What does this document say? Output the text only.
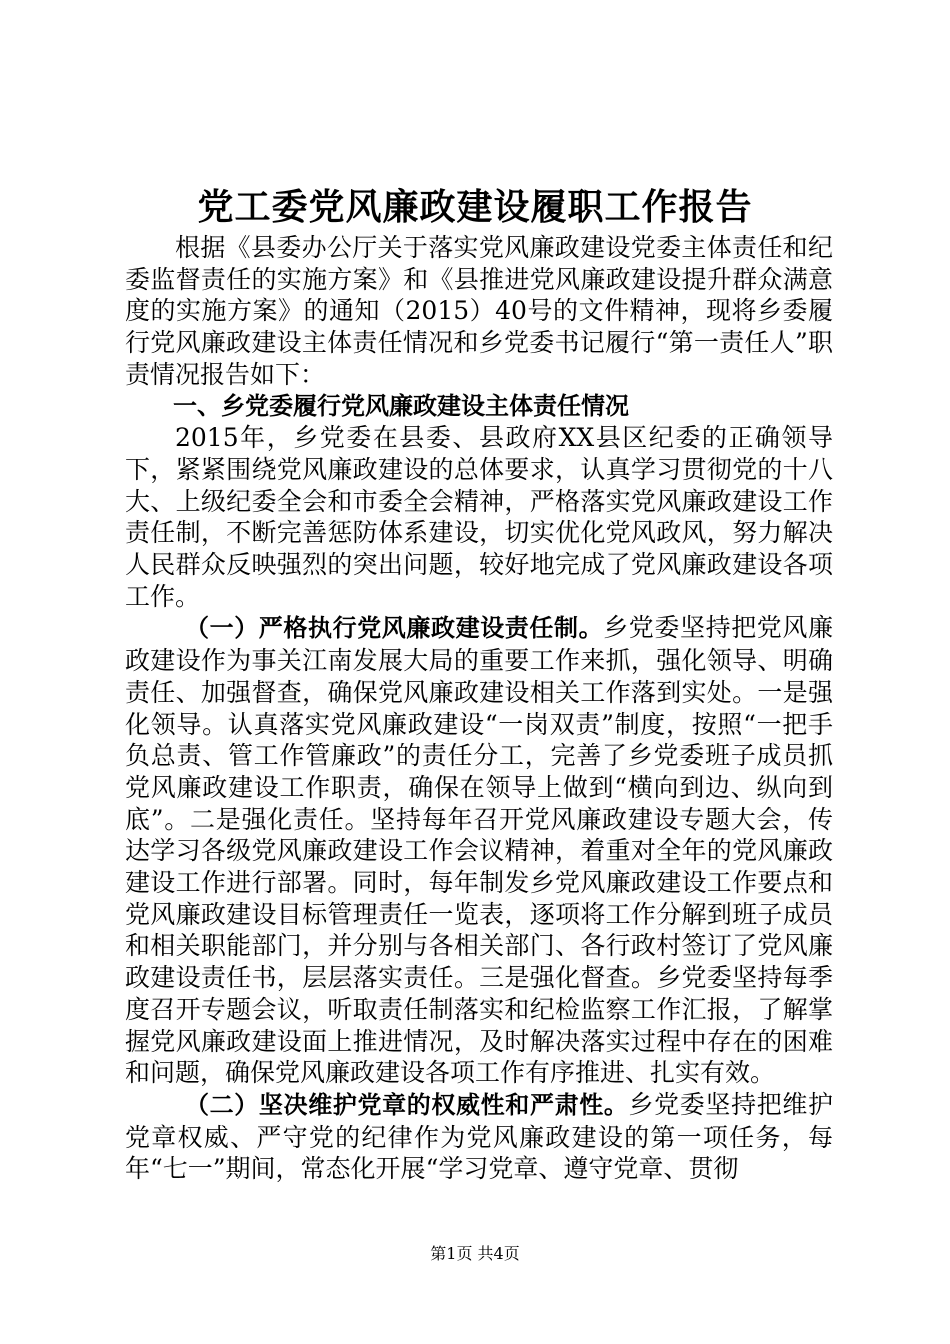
党工委党风廉政建设履职工作报告

根据《县委办公厅关于落实党风廉政建设党委主体责任和纪委监督责任的实施方案》和《县推进党风廉政建设提升群众满意度的实施方案》的通知（2015）40号的文件精神，现将乡委履行党风廉政建设主体责任情况和乡党委书记履行“第一责任人”职责情况报告如下：

一、乡党委履行党风廉政建设主体责任情况

2015年，乡党委在县委、县政府XX县区纪委的正确领导下，紧紧围绕党风廉政建设的总体要求，认真学习贯彻党的十八大、上级纪委全会和市委全会精神，严格落实党风廉政建设工作责任制，不断完善惩防体系建设，切实优化党风政风，努力解决人民群众反映强烈的突出问题，较好地完成了党风廉政建设各项工作。

（一）严格执行党风廉政建设责任制。乡党委坚持把党风廉政建设作为事关江南发展大局的重要工作来抓，强化领导、明确责任、加强督查，确保党风廉政建设相关工作落到实处。一是强化领导。认真落实党风廉政建设“一岗双责”制度，按照“一把手负总责、管工作管廉政”的责任分工，完善了乡党委班子成员抓党风廉政建设工作职责，确保在领导上做到“横向到边、纵向到底”。二是强化责任。坚持每年召开党风廉政建设专题大会，传达学习各级党风廉政建设工作会议精神，着重对全年的党风廉政建设工作进行部署。同时，每年制发乡党风廉政建设工作要点和党风廉政建设目标管理责任一览表，逐项将工作分解到班子成员和相关职能部门，并分别与各相关部门、各行政村签订了党风廉政建设责任书，层层落实责任。三是强化督查。乡党委坚持每季度召开专题会议，听取责任制落实和纪检监察工作汇报，了解掌握党风廉政建设面上推进情况，及时解决落实过程中存在的困难和问题，确保党风廉政建设各项工作有序推进、扎实有效。

（二）坚决维护党章的权威性和严肃性。乡党委坚持把维护党章权威、严守党的纪律作为党风廉政建设的第一项任务，每年“七一”期间，常态化开展“学习党章、遵守党章、贯彻

第1页 共4页
